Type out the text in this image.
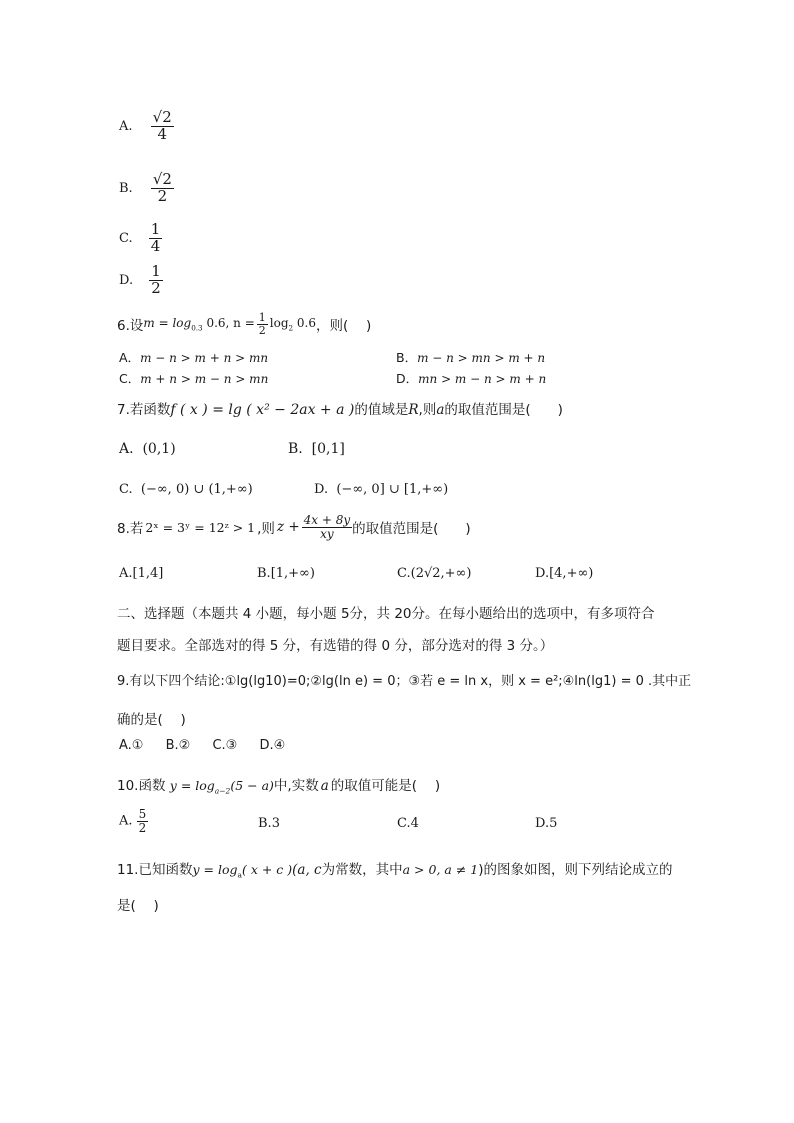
A. $\frac{√2}{4}$
B. $\frac{√2}{2}$
C. $\frac{1}{4}$
D. $\frac{1}{2}$
6.设 $m = \log_{0.3} 0.6$, $n = \frac{1}{2} \log_2 0.6$ ，则(　 )
A．m − n > m + n > mn	B．m − n > mn > m + n
C．m + n > m − n > mn	D．mn > m − n > m + n
7.若函数f ( x ) = lg ( x² − 2ax + a )的值域是R,则a的取值范围是(　　)
A. (0,1)	B. [0,1]
C. (−∞, 0) ∪ (1,+∞)	D. (−∞, 0] ∪ [1,+∞)
8.若 2ˣ = 3ʸ = 12ᶻ > 1 ,则 $z + \frac{4x + 8y}{xy}$ 的取值范围是(　　)
A.[1,4]	B.[1,+∞)	C.(2√2,+∞)	D.[4,+∞)
二、选择题（本题共 4 小题，每小题 5分，共 20分。在每小题给出的选项中，有多项符合
题目要求。全部选对的得 5 分，有选错的得 0 分，部分选对的得 3 分。）
9.有以下四个结论:①lg(lg10)=0;②lg(ln e) = 0；③若 e = ln x，则 x = e²;④ln(lg1) = 0 .其中正
确的是(　 )
A.① B.② C.③ D.④
10.函数 $y = \log_{a-2}(5 - a)$中,实数 a 的取值可能是(　 )
A. $\frac{5}{2}$	B.3	C.4	D.5
11.已知函数$y = \log_a$( x + c )(a, c为常数，其中a > 0, a ≠ 1)的图象如图，则下列结论成立的
是(　 )
